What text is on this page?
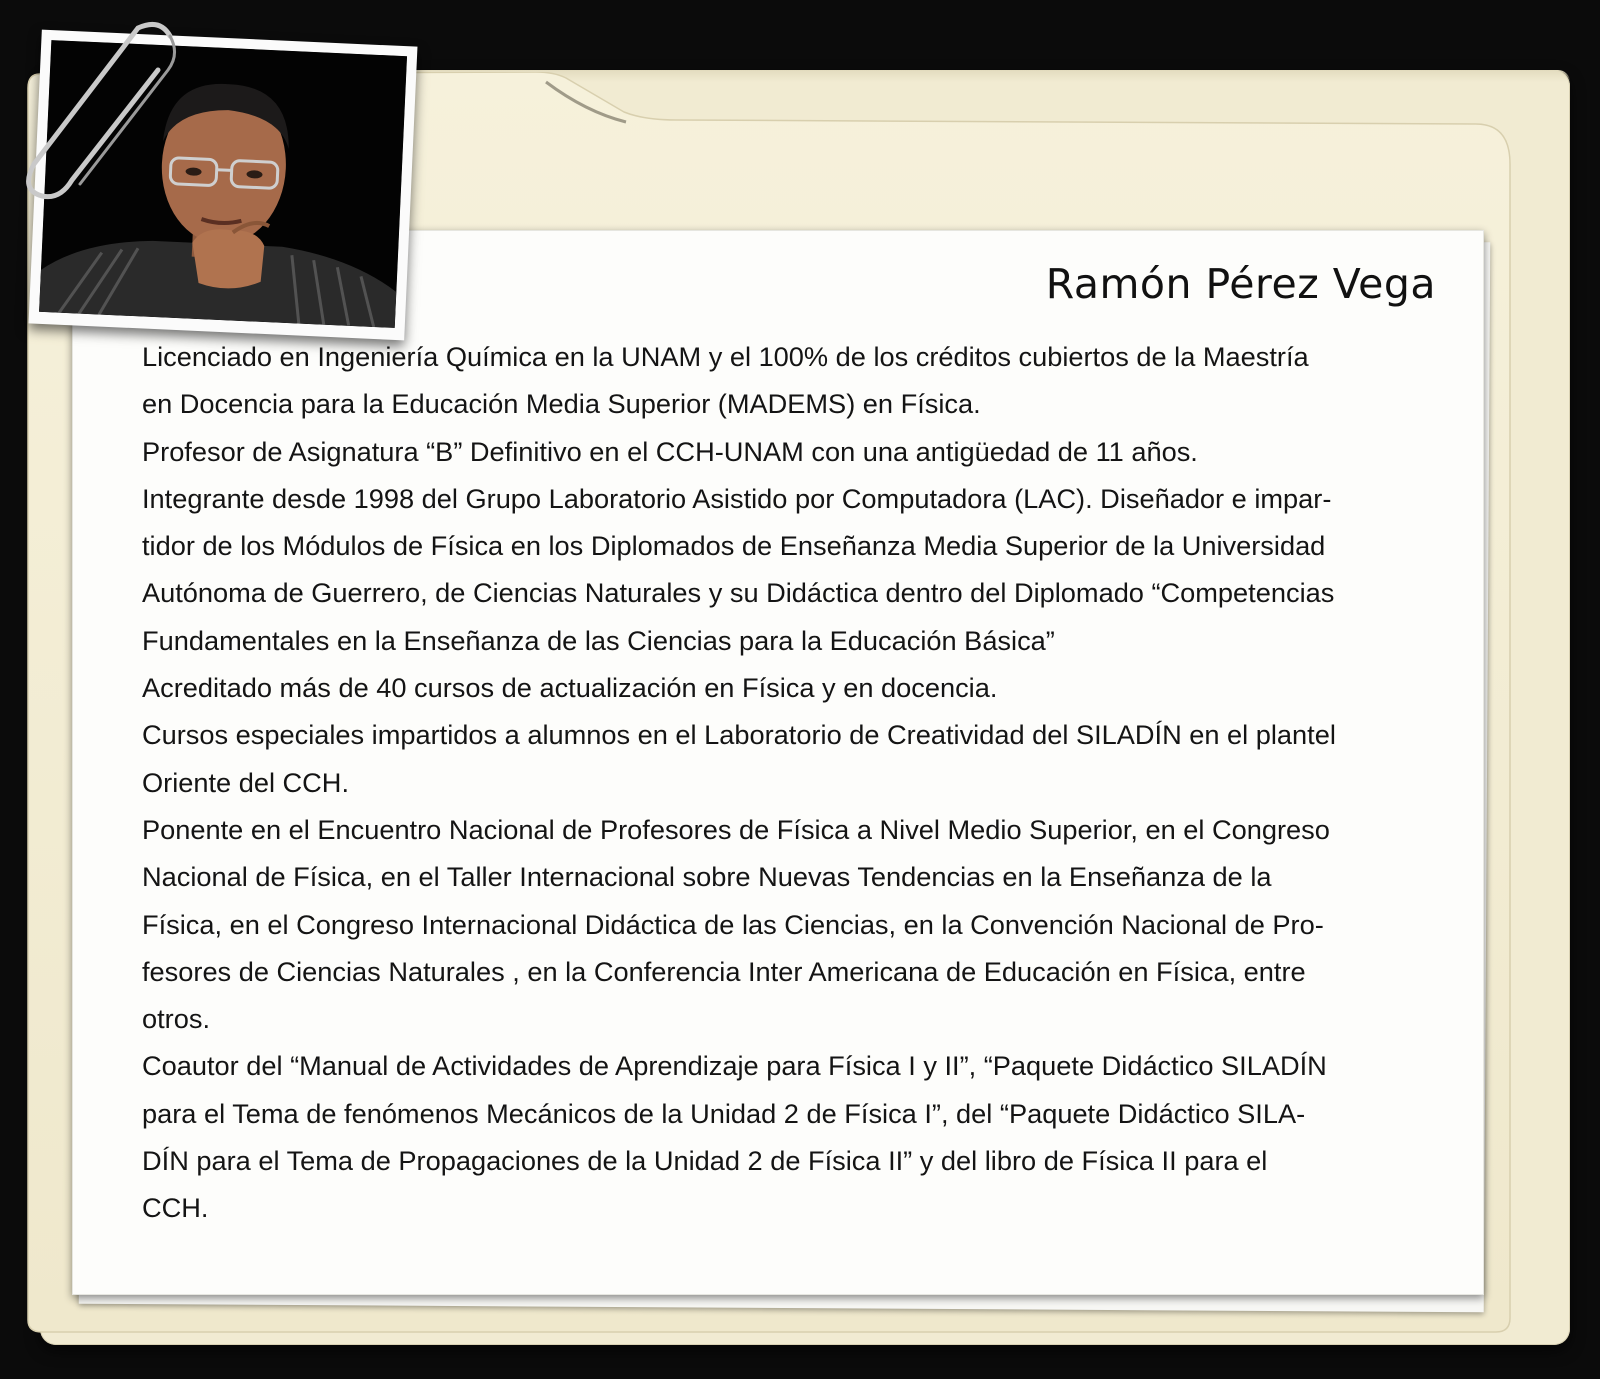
Ramón Pérez Vega

Licenciado en Ingeniería Química en la UNAM y el 100% de los créditos cubiertos de la Maestría

en Docencia para la Educación Media Superior (MADEMS) en Física.

Profesor de Asignatura “B” Definitivo en el CCH-UNAM con una antigüedad de 11 años.

Integrante desde 1998 del Grupo Laboratorio Asistido por Computadora (LAC). Diseñador e impar-

tidor de los Módulos de Física en los Diplomados de Enseñanza Media Superior de la Universidad

Autónoma de Guerrero, de Ciencias Naturales y su Didáctica dentro del Diplomado “Competencias

Fundamentales en la Enseñanza de las Ciencias para la Educación Básica”

Acreditado más de 40 cursos de actualización en Física y en docencia.

Cursos especiales impartidos a alumnos en el Laboratorio de Creatividad del SILADÍN en el plantel

Oriente del CCH.

Ponente en el Encuentro Nacional de Profesores de Física a Nivel Medio Superior, en el Congreso

Nacional de Física, en el Taller Internacional sobre Nuevas Tendencias en la Enseñanza de la

Física, en el Congreso Internacional Didáctica de las Ciencias, en la Convención Nacional de Pro-

fesores de Ciencias Naturales , en la Conferencia Inter Americana de Educación en Física, entre

otros.

Coautor del “Manual de Actividades de Aprendizaje para Física I y II”, “Paquete Didáctico SILADÍN

para el Tema de fenómenos Mecánicos de la Unidad 2 de Física I”, del “Paquete Didáctico SILA-

DÍN para el Tema de Propagaciones de la Unidad 2 de Física II” y del libro de Física II para el

CCH.
